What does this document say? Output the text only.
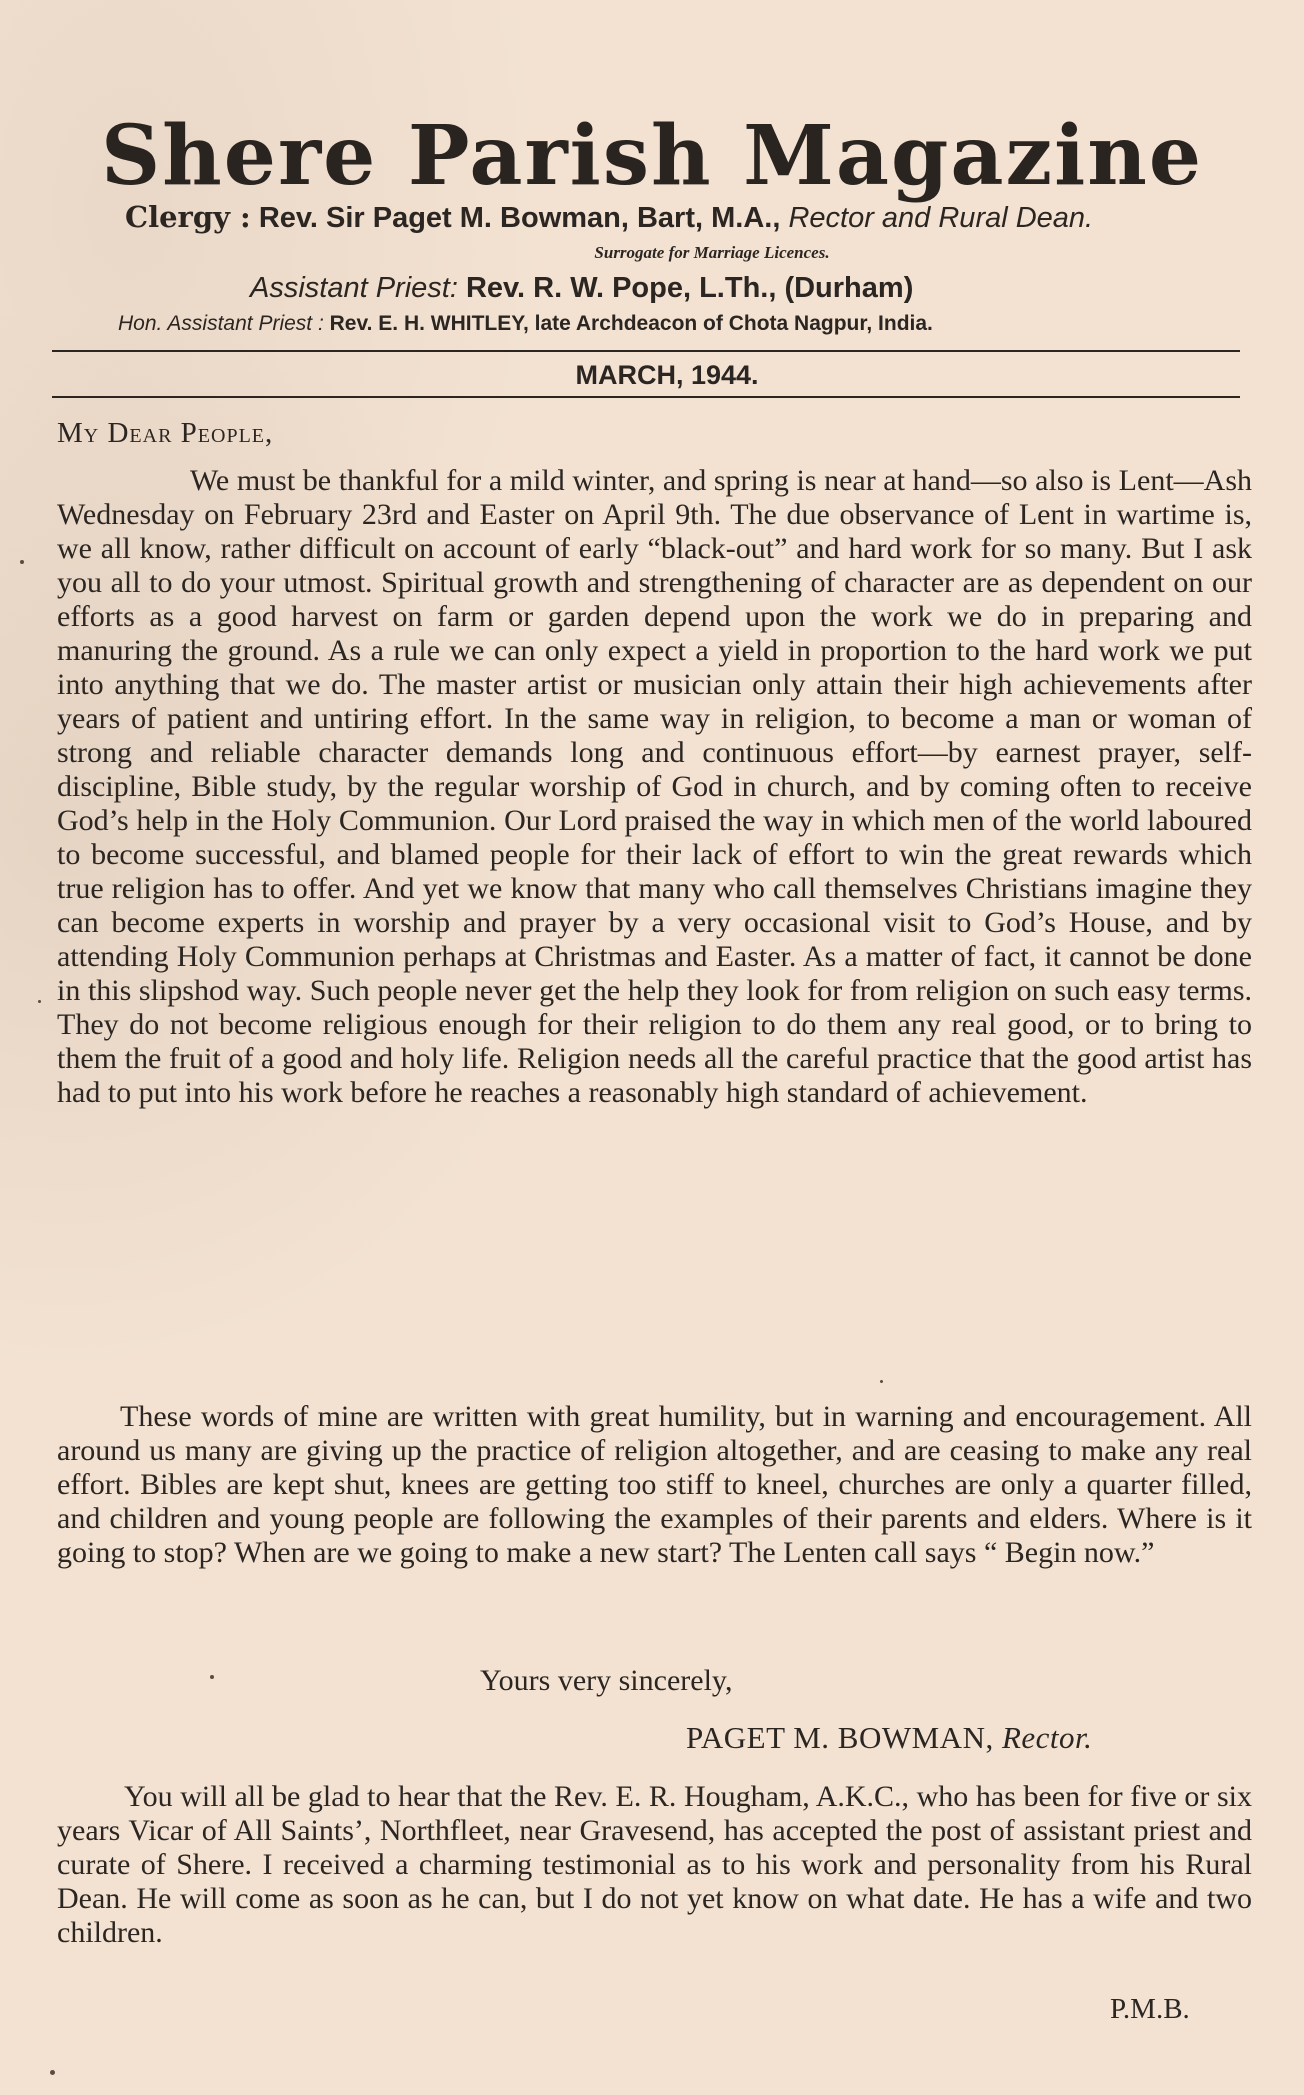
Shere Parish Magazine
Clergy : Rev. Sir Paget M. Bowman, Bart, M.A., Rector and Rural Dean.
Surrogate for Marriage Licences.
Assistant Priest: Rev. R. W. Pope, L.Th., (Durham)
Hon. Assistant Priest : Rev. E. H. WHITLEY, late Archdeacon of Chota Nagpur, India.
MARCH, 1944.
My Dear People,
We must be thankful for a mild winter, and spring is near at hand—so also is Lent—Ash Wednesday on February 23rd and Easter on April 9th. The due observance of Lent in wartime is, we all know, rather difficult on account of early “black-out” and hard work for so many. But I ask you all to do your utmost. Spiritual growth and strengthening of character are as dependent on our efforts as a good harvest on farm or garden depend upon the work we do in preparing and manuring the ground. As a rule we can only expect a yield in proportion to the hard work we put into anything that we do. The master artist or musician only attain their high achievements after years of patient and untiring effort. In the same way in religion, to become a man or woman of strong and reliable character demands long and continuous effort—by earnest prayer, self-discipline, Bible study, by the regular worship of God in church, and by coming often to receive God’s help in the Holy Communion. Our Lord praised the way in which men of the world laboured to become successful, and blamed people for their lack of effort to win the great rewards which true religion has to offer. And yet we know that many who call themselves Christians imagine they can become experts in worship and prayer by a very occasional visit to God’s House, and by attending Holy Communion perhaps at Christmas and Easter. As a matter of fact, it cannot be done in this slipshod way. Such people never get the help they look for from religion on such easy terms. They do not become religious enough for their religion to do them any real good, or to bring to them the fruit of a good and holy life. Religion needs all the careful practice that the good artist has had to put into his work before he reaches a reasonably high standard of achievement.
These words of mine are written with great humility, but in warning and encouragement. All around us many are giving up the practice of religion altogether, and are ceasing to make any real effort. Bibles are kept shut, knees are getting too stiff to kneel, churches are only a quarter filled, and children and young people are following the examples of their parents and elders. Where is it going to stop? When are we going to make a new start? The Lenten call says “ Begin now.”
Yours very sincerely,
PAGET M. BOWMAN, Rector.
You will all be glad to hear that the Rev. E. R. Hougham, A.K.C., who has been for five or six years Vicar of All Saints’, Northfleet, near Gravesend, has accepted the post of assistant priest and curate of Shere. I received a charming testimonial as to his work and personality from his Rural Dean. He will come as soon as he can, but I do not yet know on what date. He has a wife and two children.
P.M.B.
